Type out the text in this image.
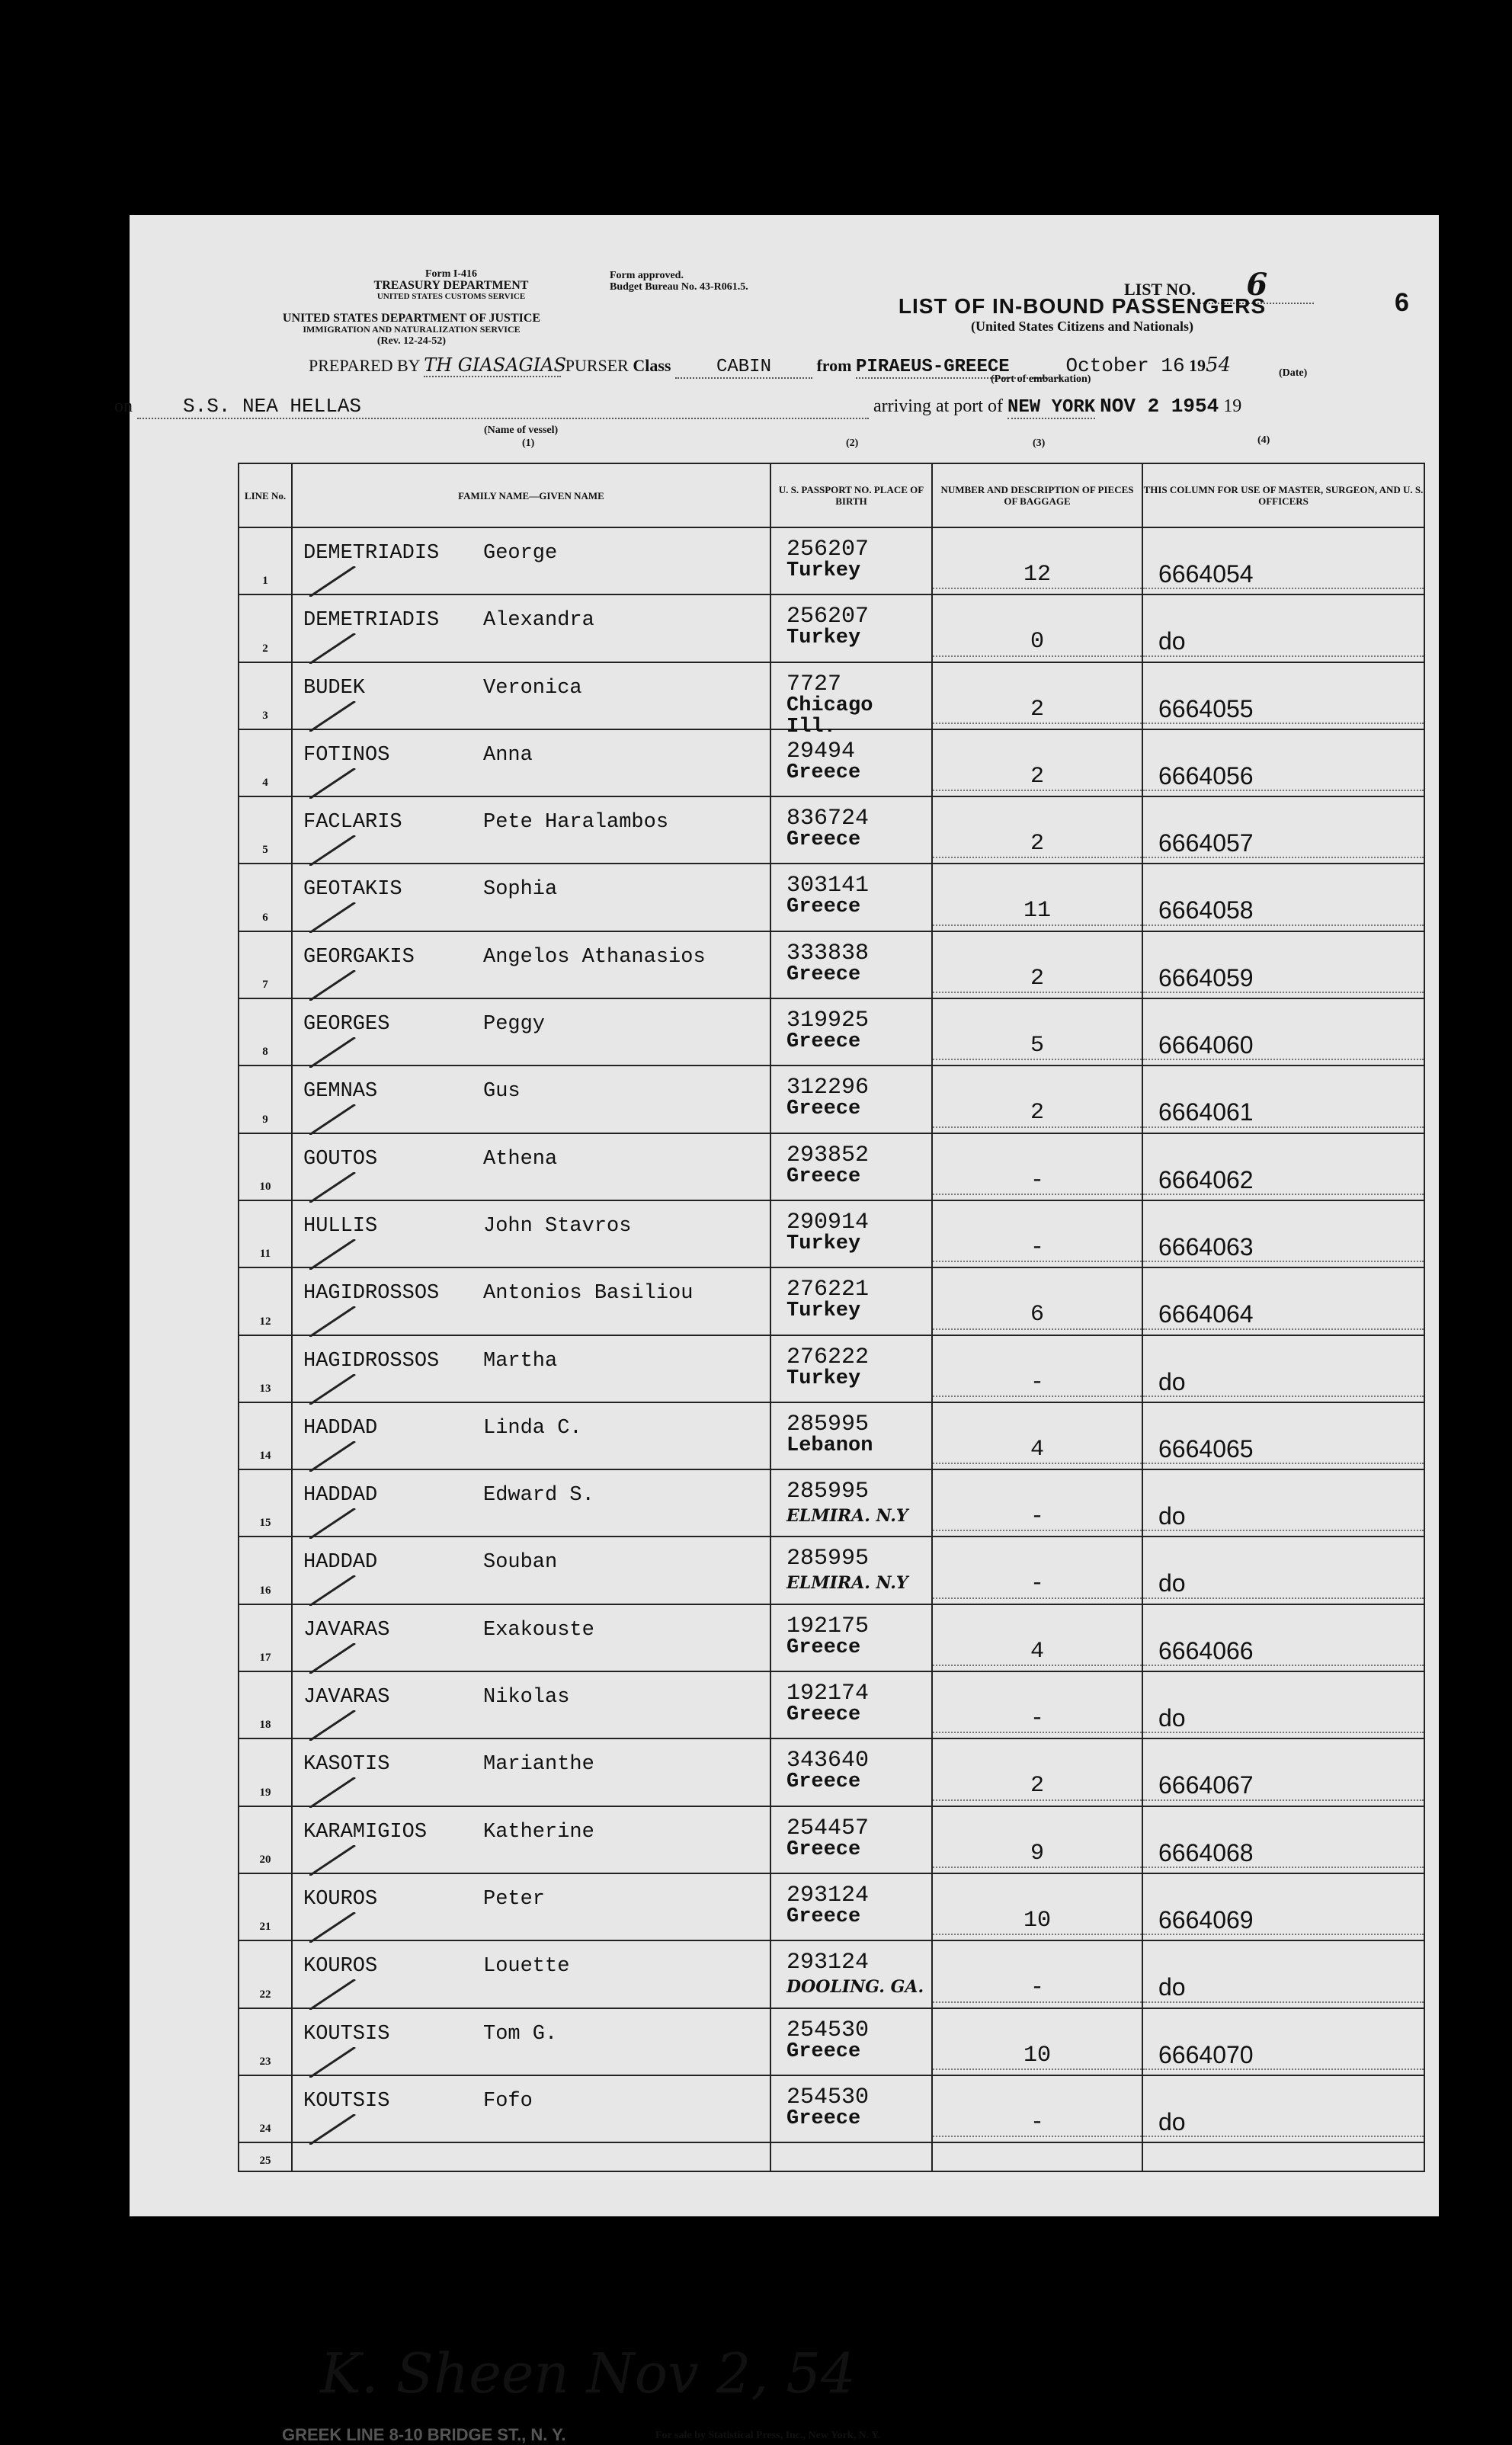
Form I-416
TREASURY DEPARTMENT
UNITED STATES CUSTOMS SERVICE
UNITED STATES DEPARTMENT OF JUSTICE
IMMIGRATION AND NATURALIZATION SERVICE
(Rev. 12-24-52)
Form approved.
Budget Bureau No. 43-R061.5.	LIST NO. 6	6
LIST OF IN-BOUND PASSENGERS
(United States Citizens and Nationals)
PREPARED BY TH GIASAGIAS PURSER Class CABIN	from PIRAEUS-GREECE	October 16 1954
(Port of embarkation)
(Date)
on	S.S. NEA HELLAS	arriving at port of NEW YORK NOV 2 1954 19
(Name of vessel)
(1)	(2)	(3)	(4)
LINE No.	FAMILY NAME—GIVEN NAME	U. S. PASSPORT NO. PLACE OF BIRTH	NUMBER AND DESCRIPTION OF PIECES OF BAGGAGE	THIS COLUMN FOR USE OF MASTER, SURGEON, AND U. S. OFFICERS

1	DEMETRIADIS George	256207
Turkey	12	6664054

2	DEMETRIADIS Alexandra	256207
Turkey	0	do

3	BUDEK Veronica	7727
Chicago Ill.	2	6664055

4	FOTINOS Anna	29494
Greece	2	6664056

5	FACLARIS Pete Haralambos	836724
Greece	2	6664057

6	GEOTAKIS Sophia	303141
Greece	11	6664058

7	GEORGAKIS Angelos Athanasios	333838
Greece	2	6664059

8	GEORGES Peggy	319925
Greece	5	6664060

9	GEMNAS Gus	312296
Greece	2	6664061

10	GOUTOS Athena	293852
Greece	-	6664062

11	HULLIS John Stavros	290914
Turkey	-	6664063

12	HAGIDROSSOS Antonios Basiliou	276221
Turkey	6	6664064

13	HAGIDROSSOS Martha	276222
Turkey	-	do

14	HADDAD Linda C.	285995
Lebanon	4	6664065

15	HADDAD Edward S.	285995
ELMIRA. N.Y	-	do

16	HADDAD Souban	285995
ELMIRA. N.Y	-	do

17	JAVARAS Exakouste	192175
Greece	4	6664066

18	JAVARAS Nikolas	192174
Greece	-	do

19	KASOTIS Marianthe	343640
Greece	2	6664067

20	KARAMIGIOS Katherine	254457
Greece	9	6664068

21	KOUROS Peter	293124
Greece	10	6664069

22	KOUROS Louette	293124
DOOLING. GA.	-	do

23	KOUTSIS Tom G.	254530
Greece	10	6664070

24	KOUTSIS Fofo	254530
Greece	-	do

25				

K. Sheen Nov 2, 54
GREEK LINE 8-10 BRIDGE ST., N. Y.	For sale by Statistical Press, Inc., New York, N. Y.
